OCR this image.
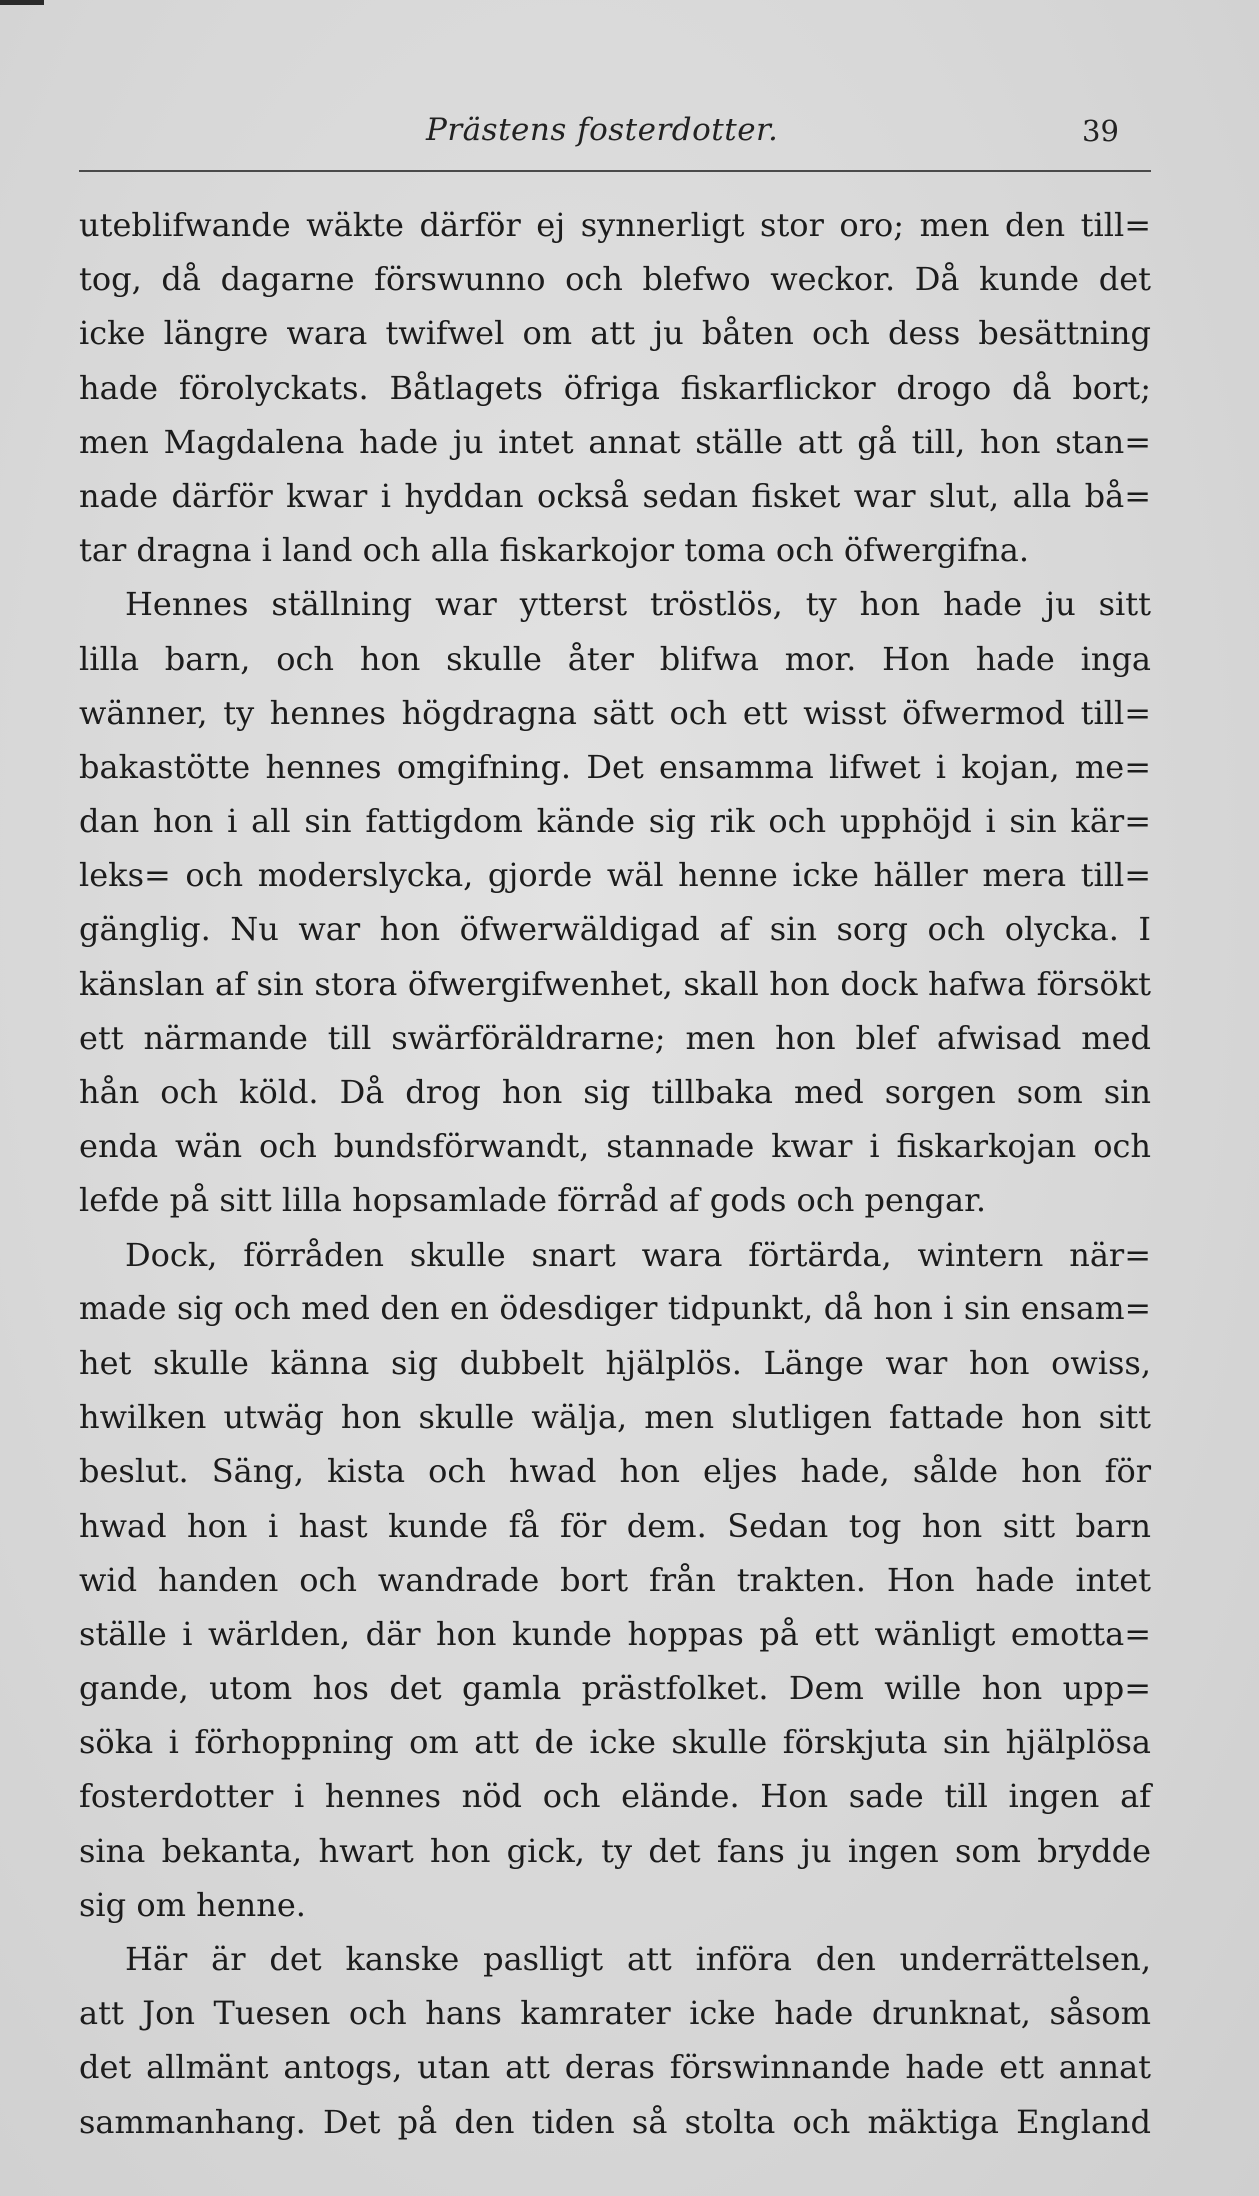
Prästens fosterdotter.	39
uteblifwande wäkte därför ej synnerligt stor oro; men den till=
tog, då dagarne förswunno och blefwo weckor. Då kunde det
icke längre wara twifwel om att ju båten och dess besättning
hade förolyckats. Båtlagets öfriga fiskarflickor drogo då bort;
men Magdalena hade ju intet annat ställe att gå till, hon stan=
nade därför kwar i hyddan också sedan fisket war slut, alla bå=
tar dragna i land och alla fiskarkojor toma och öfwergifna.
Hennes ställning war ytterst tröstlös, ty hon hade ju sitt
lilla barn, och hon skulle åter blifwa mor. Hon hade inga
wänner, ty hennes högdragna sätt och ett wisst öfwermod till=
bakastötte hennes omgifning. Det ensamma lifwet i kojan, me=
dan hon i all sin fattigdom kände sig rik och upphöjd i sin kär=
leks= och moderslycka, gjorde wäl henne icke häller mera till=
gänglig. Nu war hon öfwerwäldigad af sin sorg och olycka. I
känslan af sin stora öfwergifwenhet, skall hon dock hafwa försökt
ett närmande till swärföräldrarne; men hon blef afwisad med
hån och köld. Då drog hon sig tillbaka med sorgen som sin
enda wän och bundsförwandt, stannade kwar i fiskarkojan och
lefde på sitt lilla hopsamlade förråd af gods och pengar.
Dock, förråden skulle snart wara förtärda, wintern när=
made sig och med den en ödesdiger tidpunkt, då hon i sin ensam=
het skulle känna sig dubbelt hjälplös. Länge war hon owiss,
hwilken utwäg hon skulle wälja, men slutligen fattade hon sitt
beslut. Säng, kista och hwad hon eljes hade, sålde hon för
hwad hon i hast kunde få för dem. Sedan tog hon sitt barn
wid handen och wandrade bort från trakten. Hon hade intet
ställe i wärlden, där hon kunde hoppas på ett wänligt emotta=
gande, utom hos det gamla prästfolket. Dem wille hon upp=
söka i förhoppning om att de icke skulle förskjuta sin hjälplösa
fosterdotter i hennes nöd och elände. Hon sade till ingen af
sina bekanta, hwart hon gick, ty det fans ju ingen som brydde
sig om henne.
Här är det kanske paslligt att införa den underrättelsen,
att Jon Tuesen och hans kamrater icke hade drunknat, såsom
det allmänt antogs, utan att deras förswinnande hade ett annat
sammanhang. Det på den tiden så stolta och mäktiga England
